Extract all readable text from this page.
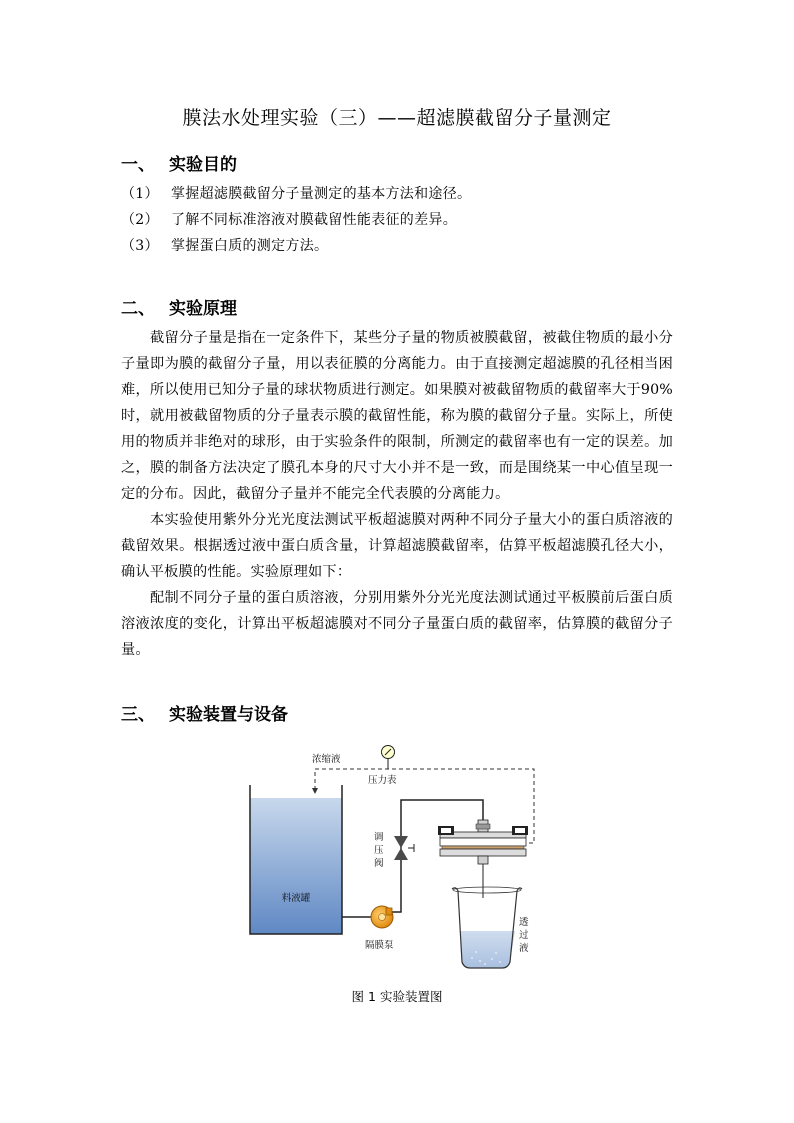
膜法水处理实验（三）——超滤膜截留分子量测定
一、 实验目的
（1） 掌握超滤膜截留分子量测定的基本方法和途径。
（2） 了解不同标准溶液对膜截留性能表征的差异。
（3） 掌握蛋白质的测定方法。
二、 实验原理

截留分子量是指在一定条件下，某些分子量的物质被膜截留，被截住物质的最小分子量即为膜的截留分子量，用以表征膜的分离能力。由于直接测定超滤膜的孔径相当困难，所以使用已知分子量的球状物质进行测定。如果膜对被截留物质的截留率大于90%时，就用被截留物质的分子量表示膜的截留性能，称为膜的截留分子量。实际上，所使用的物质并非绝对的球形，由于实验条件的限制，所测定的截留率也有一定的误差。加之，膜的制备方法决定了膜孔本身的尺寸大小并不是一致，而是围绕某一中心值呈现一定的分布。因此，截留分子量并不能完全代表膜的分离能力。

本实验使用紫外分光光度法测试平板超滤膜对两种不同分子量大小的蛋白质溶液的截留效果。根据透过液中蛋白质含量，计算超滤膜截留率，估算平板超滤膜孔径大小，确认平板膜的性能。实验原理如下：

配制不同分子量的蛋白质溶液，分别用紫外分光光度法测试通过平板膜前后蛋白质溶液浓度的变化，计算出平板超滤膜对不同分子量蛋白质的截留率，估算膜的截留分子量。

三、 实验装置与设备
料液罐
浓缩液
压力表
调
压
阀
隔膜泵
透
过
液
图 1 实验装置图
